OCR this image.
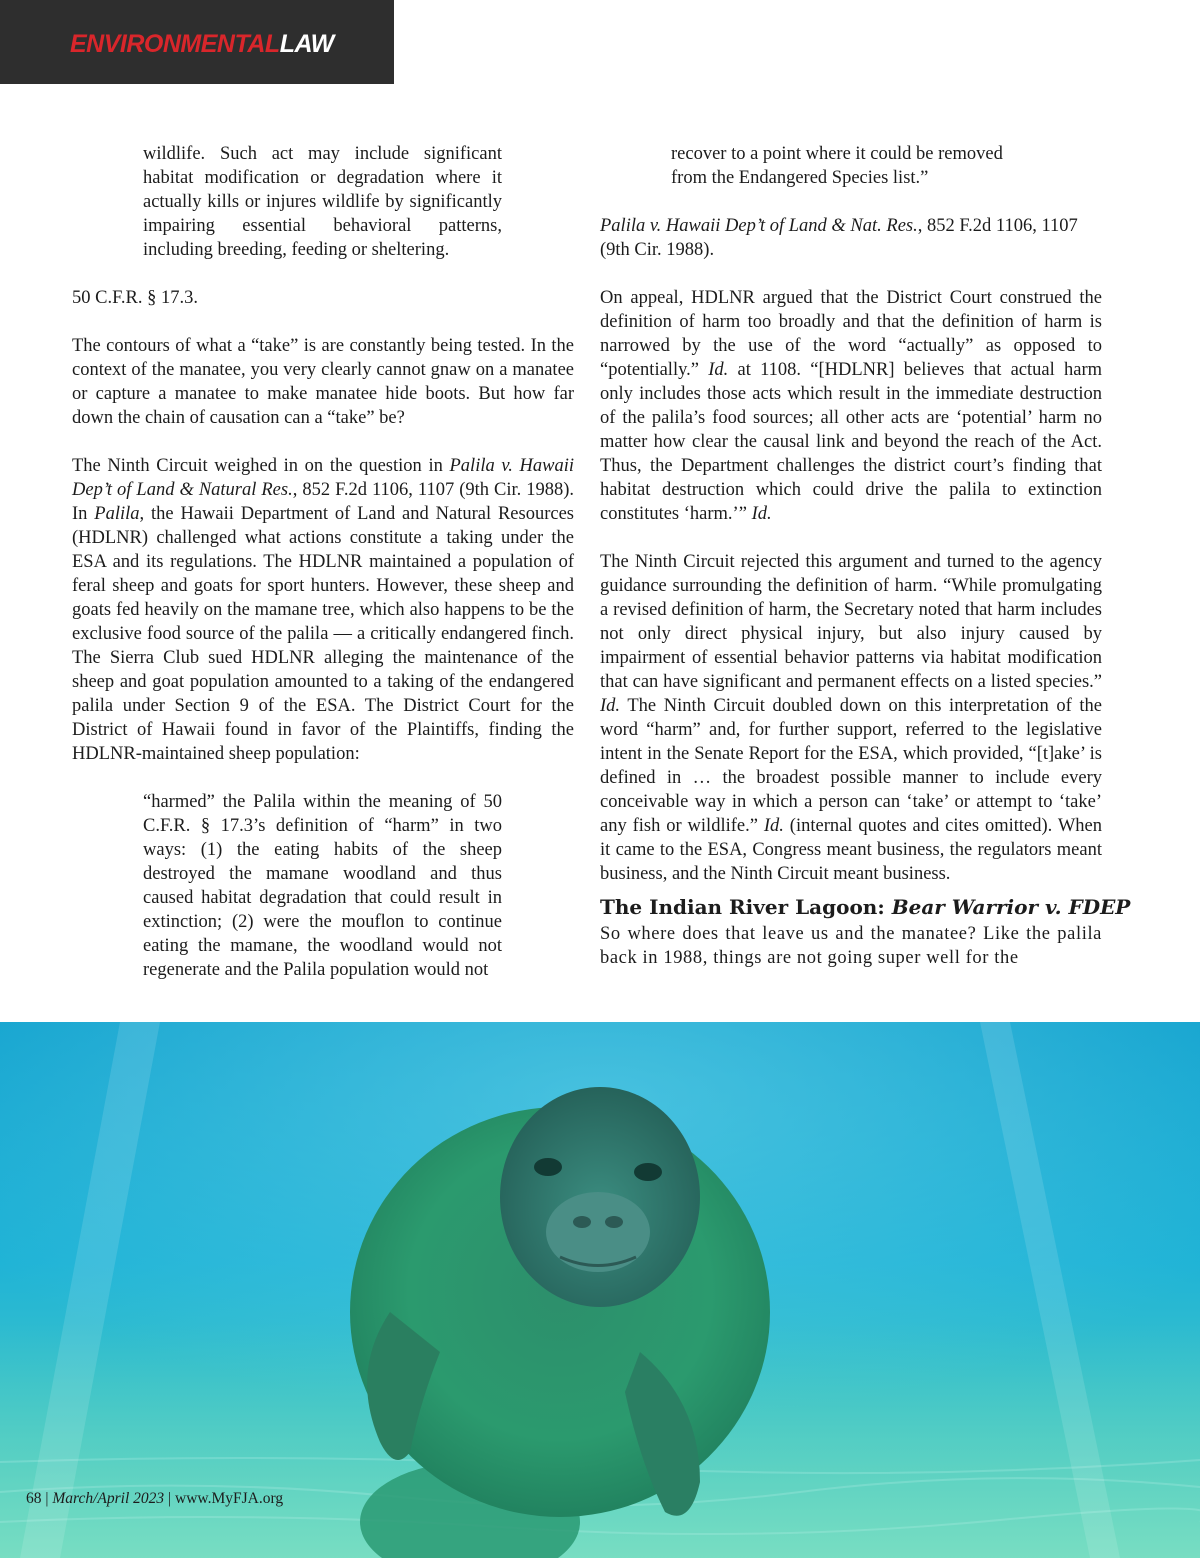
ENVIRONMENTALLAW

wildlife. Such act may include significant habitat modification or degradation where it actually kills or injures wildlife by significantly impairing essential behavioral patterns, including breeding, feeding or sheltering.

50 C.F.R. § 17.3.

The contours of what a “take” is are constantly being tested. In the context of the manatee, you very clearly cannot gnaw on a manatee or capture a manatee to make manatee hide boots. But how far down the chain of causation can a “take” be?

The Ninth Circuit weighed in on the question in Palila v. Hawaii Dep’t of Land & Natural Res., 852 F.2d 1106, 1107 (9th Cir. 1988). In Palila, the Hawaii Department of Land and Natural Resources (HDLNR) challenged what actions constitute a taking under the ESA and its regulations. The HDLNR maintained a population of feral sheep and goats for sport hunters. However, these sheep and goats fed heavily on the mamane tree, which also happens to be the exclusive food source of the palila — a critically endangered finch. The Sierra Club sued HDLNR alleging the maintenance of the sheep and goat population amounted to a taking of the endangered palila under Section 9 of the ESA. The District Court for the District of Hawaii found in favor of the Plaintiffs, finding the HDLNR-maintained sheep population:

“harmed” the Palila within the meaning of 50 C.F.R. § 17.3’s definition of “harm” in two ways: (1) the eating habits of the sheep destroyed the mamane woodland and thus caused habitat degradation that could result in extinction; (2) were the mouflon to continue eating the mamane, the woodland would not regenerate and the Palila population would not

recover to a point where it could be removed
from the Endangered Species list.”

Palila v. Hawaii Dep’t of Land & Nat. Res., 852 F.2d 1106, 1107 (9th Cir. 1988).

On appeal, HDLNR argued that the District Court construed the definition of harm too broadly and that the definition of harm is narrowed by the use of the word “actually” as opposed to “potentially.” Id. at 1108. “[HDLNR] believes that actual harm only includes those acts which result in the immediate destruction of the palila’s food sources; all other acts are ‘potential’ harm no matter how clear the causal link and beyond the reach of the Act. Thus, the Department challenges the district court’s finding that habitat destruction which could drive the palila to extinction constitutes ‘harm.’” Id.

The Ninth Circuit rejected this argument and turned to the agency guidance surrounding the definition of harm. “While promulgating a revised definition of harm, the Secretary noted that harm includes not only direct physical injury, but also injury caused by impairment of essential behavior patterns via habitat modification that can have significant and permanent effects on a listed species.” Id. The Ninth Circuit doubled down on this interpretation of the word “harm” and, for further support, referred to the legislative intent in the Senate Report for the ESA, which provided, “[t]ake’ is defined in … the broadest possible manner to include every conceivable way in which a person can ‘take’ or attempt to ‘take’ any fish or wildlife.” Id. (internal quotes and cites omitted). When it came to the ESA, Congress meant business, the regulators meant business, and the Ninth Circuit meant business.

The Indian River Lagoon: Bear Warrior v. FDEP

So where does that leave us and the manatee? Like the palila back in 1988, things are not going super well for the

68 | March/April 2023 | www.MyFJA.org
